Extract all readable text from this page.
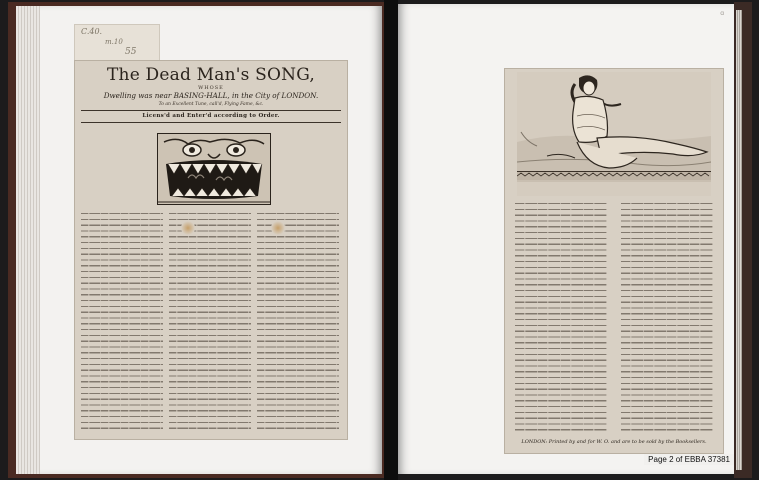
C.40.
m.10
55
The Dead Man's SONG,
WHOSE
Dwelling was near BASING-HALL, in the City of LONDON.
To an Excellent Tune, call'd, Flying Fame, &c.
Licens'd and Enter'd according to Order.
ɑ
LONDON: Printed by and for W. O. and are to be sold by the Booksellers.
Page 2 of EBBA 37381
